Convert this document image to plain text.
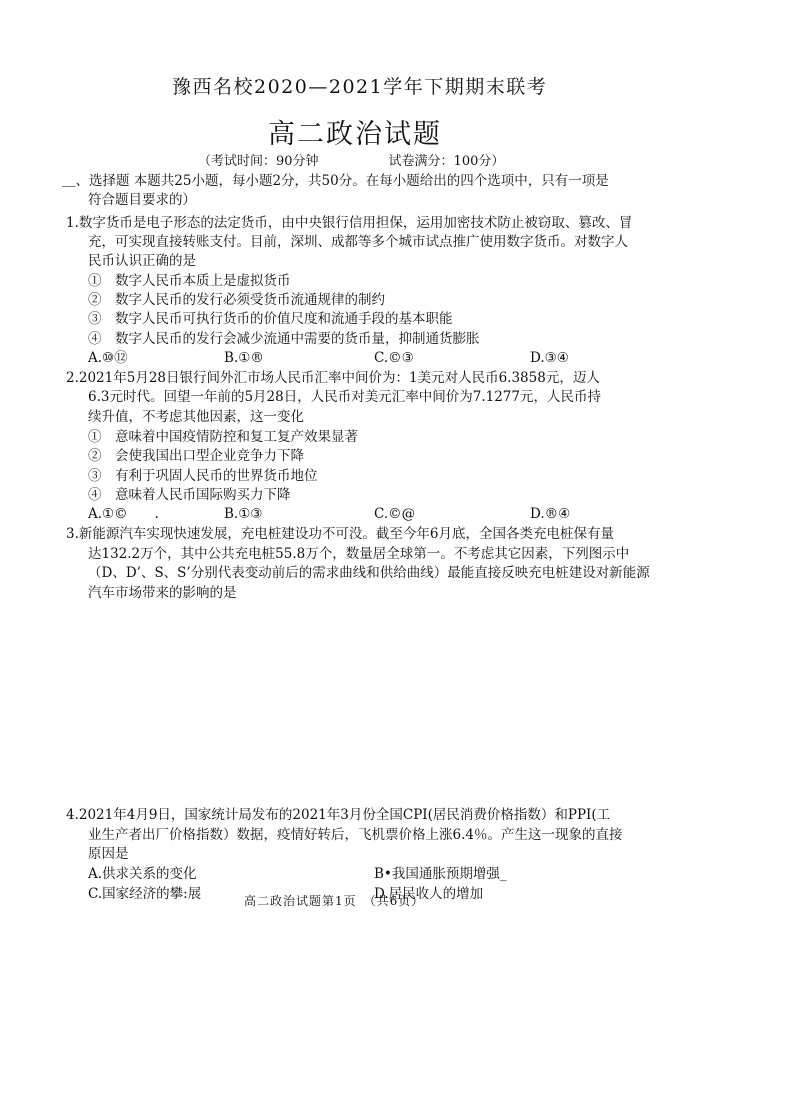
豫西名校2020—2021学年下期期末联考
高二政治试题
（考试时间：90分钟	试卷满分：100分）
＿、选择题 本题共25小题，每小题2分，共50分。在每小题给出的四个选项中，只有一项是
符合题目要求的）
1.数字货币是电子形态的法定货币，由中央银行信用担保，运用加密技术防止被窃取、篡改、冒
充，可实现直接转账支付。目前，深圳、成都等多个城市试点推广使用数字货币。对数字人
民币认识正确的是
①　数字人民币本质上是虚拟货币
②　数字人民币的发行必须受货币流通规律的制约
③　数字人民币可执行货币的价值尺度和流通手段的基本职能
④　数字人民币的发行会减少流通中需要的货币量，抑制通货膨胀
A.⑩⑫	B.①®	C.©③	D.③④
2.2021年5月28日银行间外汇市场人民币汇率中间价为：1美元对人民币6.3858元，迈人
6.3元时代。回望一年前的5月28日，人民币对美元汇率中间价为7.1277元，人民币持
续升值，不考虑其他因素，这一变化
①　意味着中国疫情防控和复工复产效果显著
②　会使我国出口型企业竞争力下降
③　有利于巩固人民币的世界货币地位
④　意味着人民币国际购买力下降
A.①©　　.	B.①③	C.©@	D.®④
3.新能源汽车实现快速发展，充电桩建设功不可没。截至今年6月底，全国各类充电桩保有量
达132.2万个，其中公共充电桩55.8万个，数量居全球第一。不考虑其它因素，下列图示中
（D、D’、S、S’分别代表变动前后的需求曲线和供给曲线）最能直接反映充电桩建设对新能源
汽车市场带来的影响的是
4.2021年4月9日，国家统计局发布的2021年3月份全国CPI(居民消费价格指数）和PPI(工
业生产者出厂价格指数）数据，疫情好转后，飞机票价格上涨6.4％。产生这一现象的直接
原因是
A.供求关系的变化	B•我国通胀预期增强_
C.国家经济的攀:展	D.居民收人的增加
高二政治试题第1页　（共6页）
